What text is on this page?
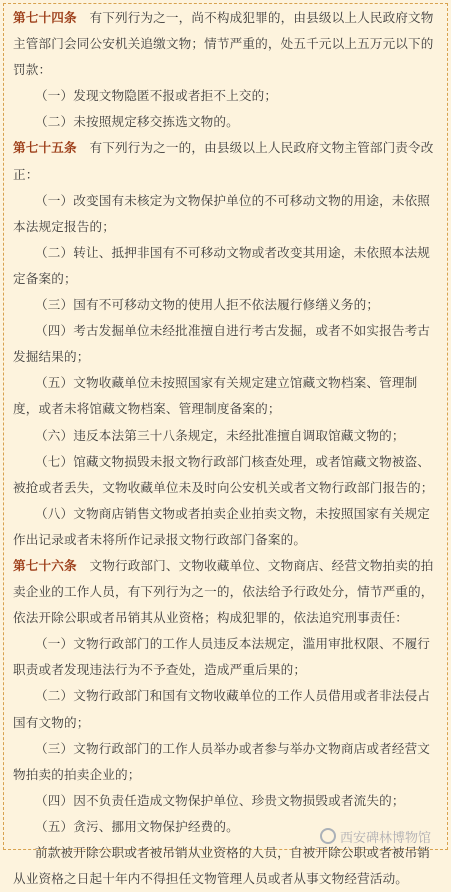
第七十四条　有下列行为之一，尚不构成犯罪的，由县级以上人民政府文物
主管部门会同公安机关追缴文物；情节严重的，处五千元以上五万元以下的
罚款：
（一）发现文物隐匿不报或者拒不上交的；
（二）未按照规定移交拣选文物的。
第七十五条　有下列行为之一的，由县级以上人民政府文物主管部门责令改
正：
（一）改变国有未核定为文物保护单位的不可移动文物的用途，未依照
本法规定报告的；
（二）转让、抵押非国有不可移动文物或者改变其用途，未依照本法规
定备案的；
（三）国有不可移动文物的使用人拒不依法履行修缮义务的；
（四）考古发掘单位未经批准擅自进行考古发掘，或者不如实报告考古
发掘结果的；
（五）文物收藏单位未按照国家有关规定建立馆藏文物档案、管理制
度，或者未将馆藏文物档案、管理制度备案的；
（六）违反本法第三十八条规定，未经批准擅自调取馆藏文物的；
（七）馆藏文物损毁未报文物行政部门核查处理，或者馆藏文物被盗、
被抢或者丢失，文物收藏单位未及时向公安机关或者文物行政部门报告的；
（八）文物商店销售文物或者拍卖企业拍卖文物，未按照国家有关规定
作出记录或者未将所作记录报文物行政部门备案的。
第七十六条　文物行政部门、文物收藏单位、文物商店、经营文物拍卖的拍
卖企业的工作人员，有下列行为之一的，依法给予行政处分，情节严重的，
依法开除公职或者吊销其从业资格；构成犯罪的，依法追究刑事责任：
（一）文物行政部门的工作人员违反本法规定，滥用审批权限、不履行
职责或者发现违法行为不予查处，造成严重后果的；
（二）文物行政部门和国有文物收藏单位的工作人员借用或者非法侵占
国有文物的；
（三）文物行政部门的工作人员举办或者参与举办文物商店或者经营文
物拍卖的拍卖企业的；
（四）因不负责任造成文物保护单位、珍贵文物损毁或者流失的；
（五）贪污、挪用文物保护经费的。
前款被开除公职或者被吊销从业资格的人员，自被开除公职或者被吊销
从业资格之日起十年内不得担任文物管理人员或者从事文物经营活动。
西安碑林博物馆
